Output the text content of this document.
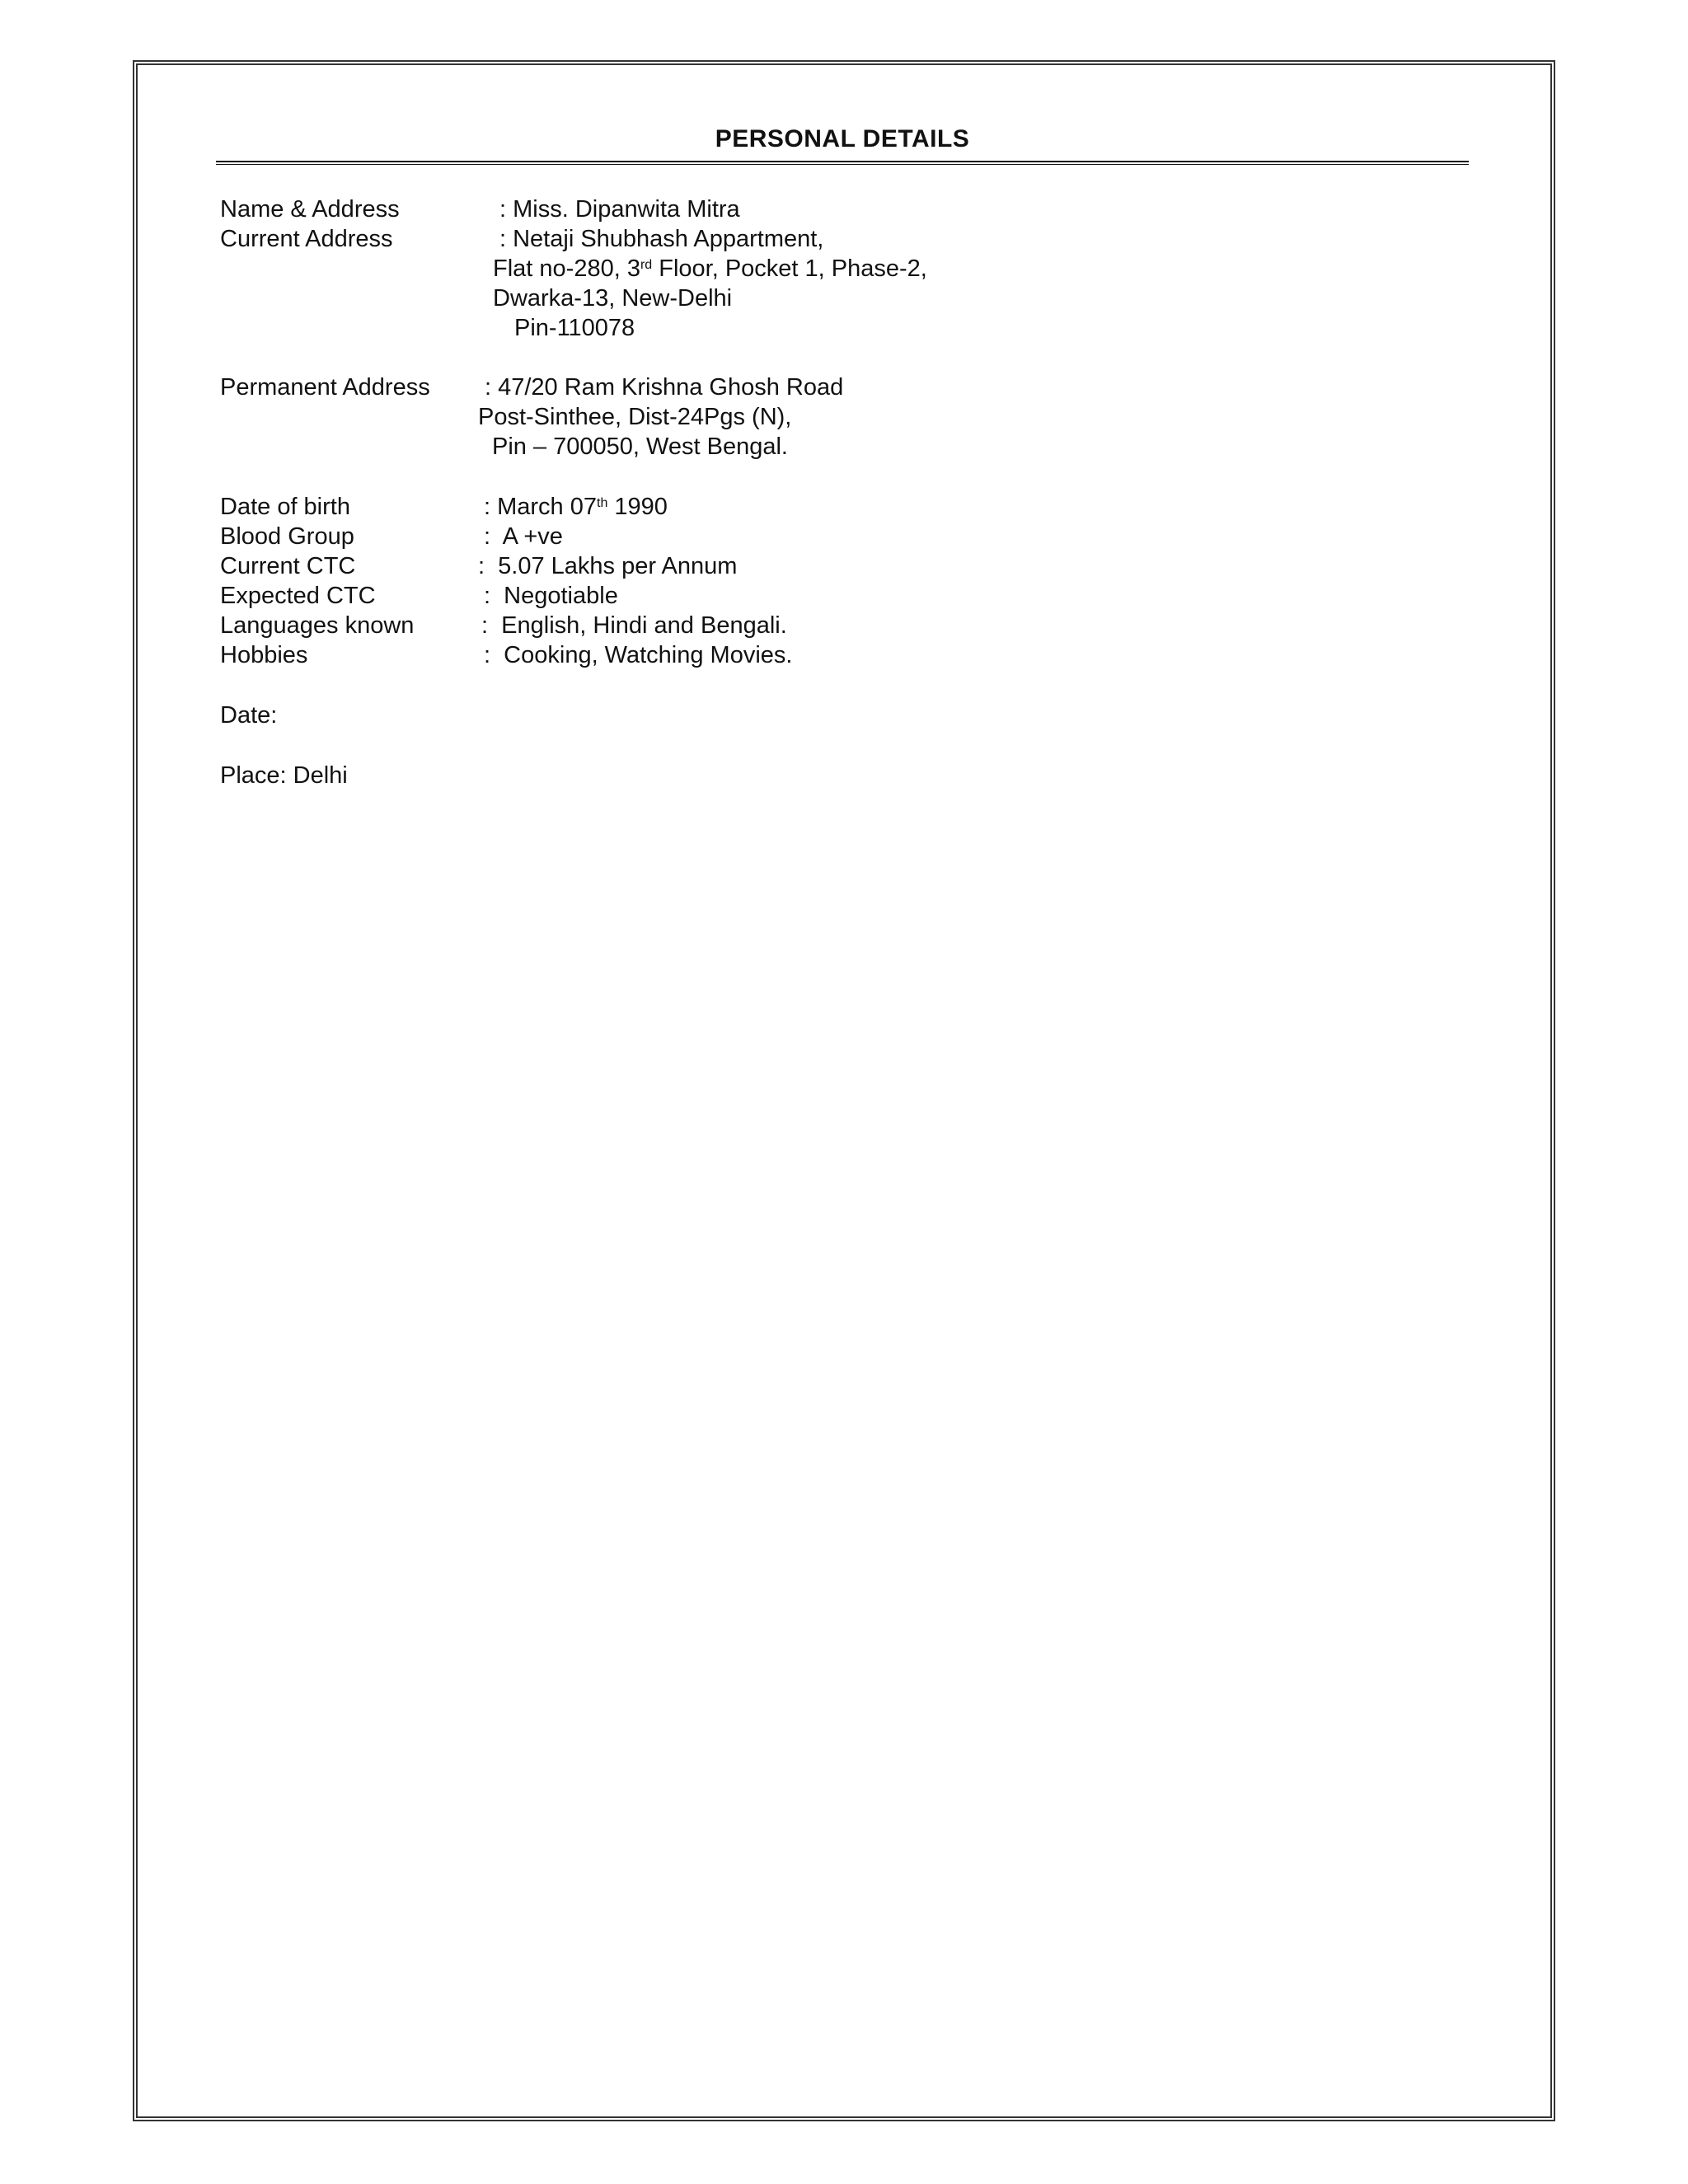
PERSONAL DETAILS
Name & Address	: Miss. Dipanwita Mitra
Current Address	: Netaji Shubhash Appartment,
Flat no-280, 3rd Floor, Pocket 1, Phase-2,
Dwarka-13, New-Delhi
Pin-110078
Permanent Address : 47/20 Ram Krishna Ghosh Road
Post-Sinthee, Dist-24Pgs (N),
Pin – 700050, West Bengal.
Date of birth	: March 07th 1990
Blood Group	:  A +ve
Current CTC	:  5.07 Lakhs per Annum
Expected CTC	:  Negotiable
Languages known	:  English, Hindi and Bengali.
Hobbies	:  Cooking, Watching Movies.
Date:
Place: Delhi
